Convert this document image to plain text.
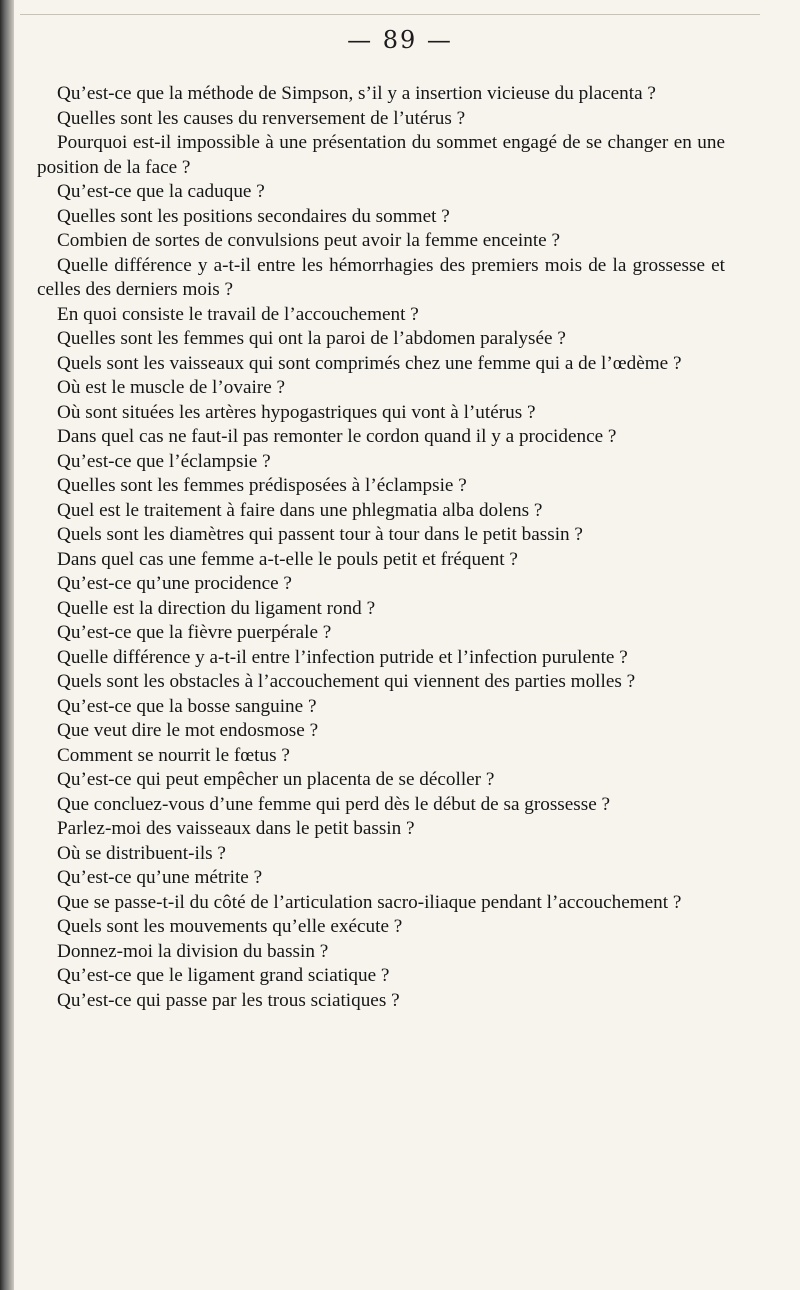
— 89 —

Qu’est-ce que la méthode de Simpson, s’il y a insertion vicieuse du placenta ?

Quelles sont les causes du renversement de l’utérus ?

Pourquoi est-il impossible à une présentation du sommet engagé de se changer en une position de la face ?

Qu’est-ce que la caduque ?

Quelles sont les positions secondaires du sommet ?

Combien de sortes de convulsions peut avoir la femme enceinte ?

Quelle différence y a-t-il entre les hémorrhagies des premiers mois de la grossesse et celles des derniers mois ?

En quoi consiste le travail de l’accouchement ?

Quelles sont les femmes qui ont la paroi de l’abdomen paralysée ?

Quels sont les vaisseaux qui sont comprimés chez une femme qui a de l’œdème ?

Où est le muscle de l’ovaire ?

Où sont situées les artères hypogastriques qui vont à l’utérus ?

Dans quel cas ne faut-il pas remonter le cordon quand il y a procidence ?

Qu’est-ce que l’éclampsie ?

Quelles sont les femmes prédisposées à l’éclampsie ?

Quel est le traitement à faire dans une phlegmatia alba dolens ?

Quels sont les diamètres qui passent tour à tour dans le petit bassin ?

Dans quel cas une femme a-t-elle le pouls petit et fréquent ?

Qu’est-ce qu’une procidence ?

Quelle est la direction du ligament rond ?

Qu’est-ce que la fièvre puerpérale ?

Quelle différence y a-t-il entre l’infection putride et l’infection purulente ?

Quels sont les obstacles à l’accouchement qui viennent des parties molles ?

Qu’est-ce que la bosse sanguine ?

Que veut dire le mot endosmose ?

Comment se nourrit le fœtus ?

Qu’est-ce qui peut empêcher un placenta de se décoller ?

Que concluez-vous d’une femme qui perd dès le début de sa grossesse ?

Parlez-moi des vaisseaux dans le petit bassin ?

Où se distribuent-ils ?

Qu’est-ce qu’une métrite ?

Que se passe-t-il du côté de l’articulation sacro-iliaque pendant l’accouchement ?

Quels sont les mouvements qu’elle exécute ?

Donnez-moi la division du bassin ?

Qu’est-ce que le ligament grand sciatique ?

Qu’est-ce qui passe par les trous sciatiques ?
